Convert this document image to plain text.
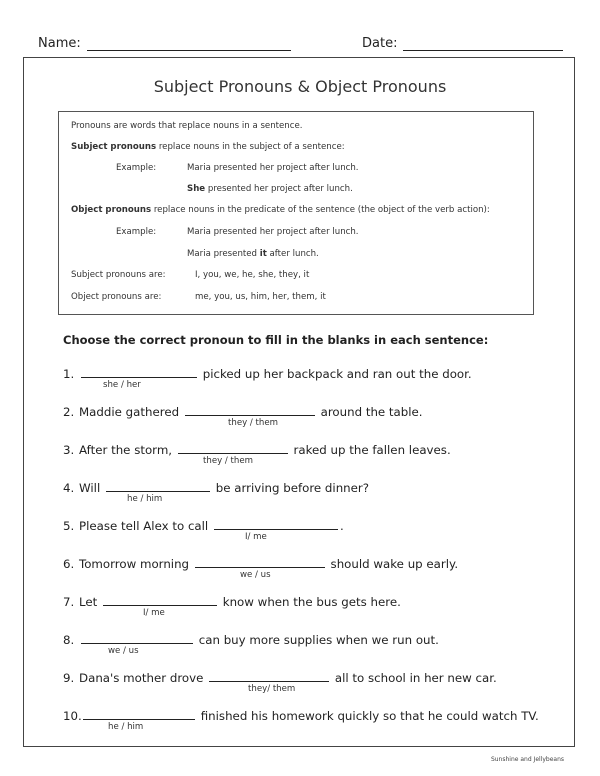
Name:	Date:
Subject Pronouns & Object Pronouns
Pronouns are words that replace nouns in a sentence.
Subject pronouns replace nouns in the subject of a sentence:
Example:	Maria presented her project after lunch.
She presented her project after lunch.
Object pronouns replace nouns in the predicate of the sentence (the object of the verb action):
Example:	Maria presented her project after lunch.
Maria presented it after lunch.
Subject pronouns are:	I, you, we, he, she, they, it
Object pronouns are:	me, you, us, him, her, them, it
Choose the correct pronoun to fill in the blanks in each sentence:
1.	picked up her backpack and ran out the door.
she / her
2. Maddie gathered	around the table.
they / them
3. After the storm,	raked up the fallen leaves.
they / them
4. Will	be arriving before dinner?
he / him
5. Please tell Alex to call	.
I/ me
6. Tomorrow morning	should wake up early.
we / us
7. Let	know when the bus gets here.
I/ me
8.	can buy more supplies when we run out.
we / us
9. Dana's mother drove	all to school in her new car.
they/ them
10.	finished his homework quickly so that he could watch TV.
he / him
Sunshine and Jellybeans
